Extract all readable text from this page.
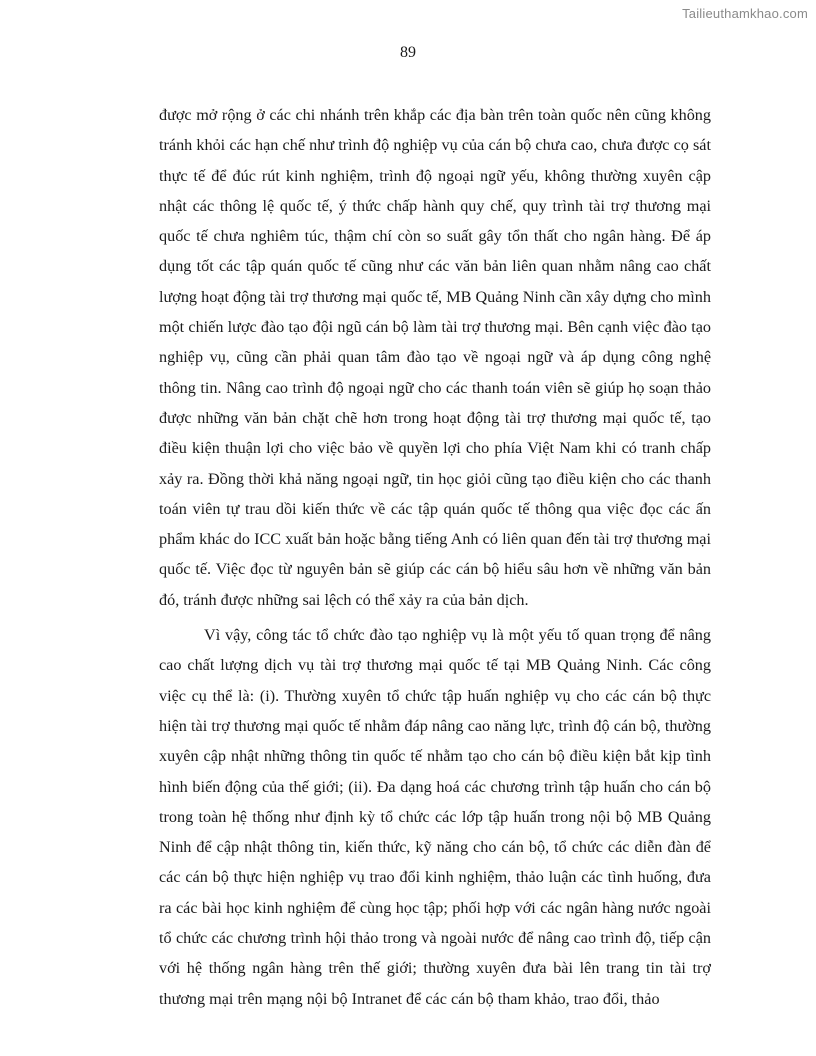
Tailieuthamkhao.com
89

được mở rộng ở các chi nhánh trên khắp các địa bàn trên toàn quốc nên cũng không tránh khỏi các hạn chế như trình độ nghiệp vụ của cán bộ chưa cao, chưa được cọ sát thực tế để đúc rút kinh nghiệm, trình độ ngoại ngữ yếu, không thường xuyên cập nhật các thông lệ quốc tế, ý thức chấp hành quy chế, quy trình tài trợ thương mại quốc tế chưa nghiêm túc, thậm chí còn so suất gây tổn thất cho ngân hàng. Để áp dụng tốt các tập quán quốc tế cũng như các văn bản liên quan nhằm nâng cao chất lượng hoạt động tài trợ thương mại quốc tế, MB Quảng Ninh cần xây dựng cho mình một chiến lược đào tạo đội ngũ cán bộ làm tài trợ thương mại. Bên cạnh việc đào tạo nghiệp vụ, cũng cần phải quan tâm đào tạo về ngoại ngữ và áp dụng công nghệ thông tin. Nâng cao trình độ ngoại ngữ cho các thanh toán viên sẽ giúp họ soạn thảo được những văn bản chặt chẽ hơn trong hoạt động tài trợ thương mại quốc tế, tạo điều kiện thuận lợi cho việc bảo về quyền lợi cho phía Việt Nam khi có tranh chấp xảy ra. Đồng thời khả năng ngoại ngữ, tin học giỏi cũng tạo điều kiện cho các thanh toán viên tự trau dồi kiến thức về các tập quán quốc tế thông qua việc đọc các ấn phẩm khác do ICC xuất bản hoặc bằng tiếng Anh có liên quan đến tài trợ thương mại quốc tế. Việc đọc từ nguyên bản sẽ giúp các cán bộ hiểu sâu hơn về những văn bản đó, tránh được những sai lệch có thể xảy ra của bản dịch.

Vì vậy, công tác tổ chức đào tạo nghiệp vụ là một yếu tố quan trọng để nâng cao chất lượng dịch vụ tài trợ thương mại quốc tế tại MB Quảng Ninh. Các công việc cụ thể là: (i). Thường xuyên tổ chức tập huấn nghiệp vụ cho các cán bộ thực hiện tài trợ thương mại quốc tế nhằm đáp nâng cao năng lực, trình độ cán bộ, thường xuyên cập nhật những thông tin quốc tế nhằm tạo cho cán bộ điều kiện bắt kịp tình hình biến động của thế giới; (ii). Đa dạng hoá các chương trình tập huấn cho cán bộ trong toàn hệ thống như định kỳ tổ chức các lớp tập huấn trong nội bộ MB Quảng Ninh để cập nhật thông tin, kiến thức, kỹ năng cho cán bộ, tổ chức các diễn đàn để các cán bộ thực hiện nghiệp vụ trao đổi kinh nghiệm, thảo luận các tình huống, đưa ra các bài học kinh nghiệm để cùng học tập; phối hợp với các ngân hàng nước ngoài tổ chức các chương trình hội thảo trong và ngoài nước để nâng cao trình độ, tiếp cận với hệ thống ngân hàng trên thế giới; thường xuyên đưa bài lên trang tin tài trợ thương mại trên mạng nội bộ Intranet để các cán bộ tham khảo, trao đổi, thảo
